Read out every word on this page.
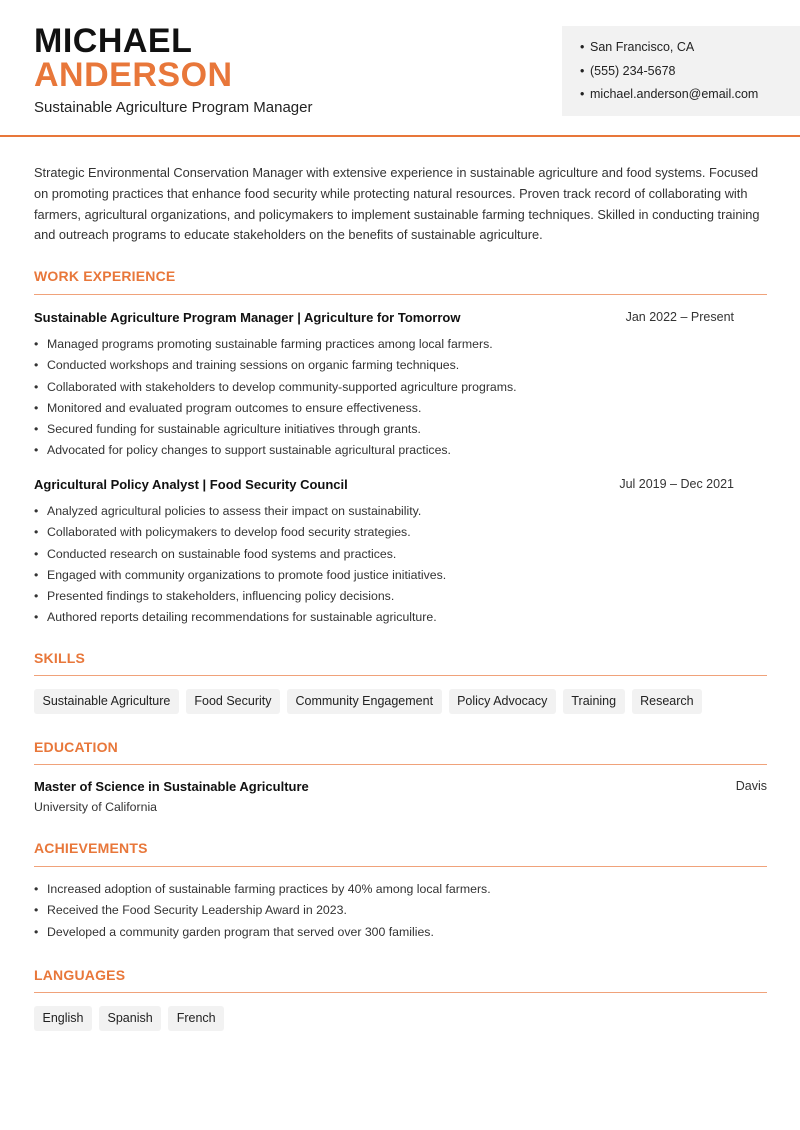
MICHAEL
ANDERSON
Sustainable Agriculture Program Manager
• San Francisco, CA
• (555) 234-5678
• michael.anderson@email.com

Strategic Environmental Conservation Manager with extensive experience in sustainable agriculture and food systems. Focused on promoting practices that enhance food security while protecting natural resources. Proven track record of collaborating with farmers, agricultural organizations, and policymakers to implement sustainable farming techniques. Skilled in conducting training and outreach programs to educate stakeholders on the benefits of sustainable agriculture.

WORK EXPERIENCE
Sustainable Agriculture Program Manager | Agriculture for Tomorrow	Jan 2022 – Present
• Managed programs promoting sustainable farming practices among local farmers.
• Conducted workshops and training sessions on organic farming techniques.
• Collaborated with stakeholders to develop community-supported agriculture programs.
• Monitored and evaluated program outcomes to ensure effectiveness.
• Secured funding for sustainable agriculture initiatives through grants.
• Advocated for policy changes to support sustainable agricultural practices.
Agricultural Policy Analyst | Food Security Council	Jul 2019 – Dec 2021
• Analyzed agricultural policies to assess their impact on sustainability.
• Collaborated with policymakers to develop food security strategies.
• Conducted research on sustainable food systems and practices.
• Engaged with community organizations to promote food justice initiatives.
• Presented findings to stakeholders, influencing policy decisions.
• Authored reports detailing recommendations for sustainable agriculture.
SKILLS
Sustainable Agriculture	Food Security	Community Engagement	Policy Advocacy	Training	Research
EDUCATION
Master of Science in Sustainable Agriculture	Davis
University of California
ACHIEVEMENTS
• Increased adoption of sustainable farming practices by 40% among local farmers.
• Received the Food Security Leadership Award in 2023.
• Developed a community garden program that served over 300 families.
LANGUAGES
English	Spanish	French
